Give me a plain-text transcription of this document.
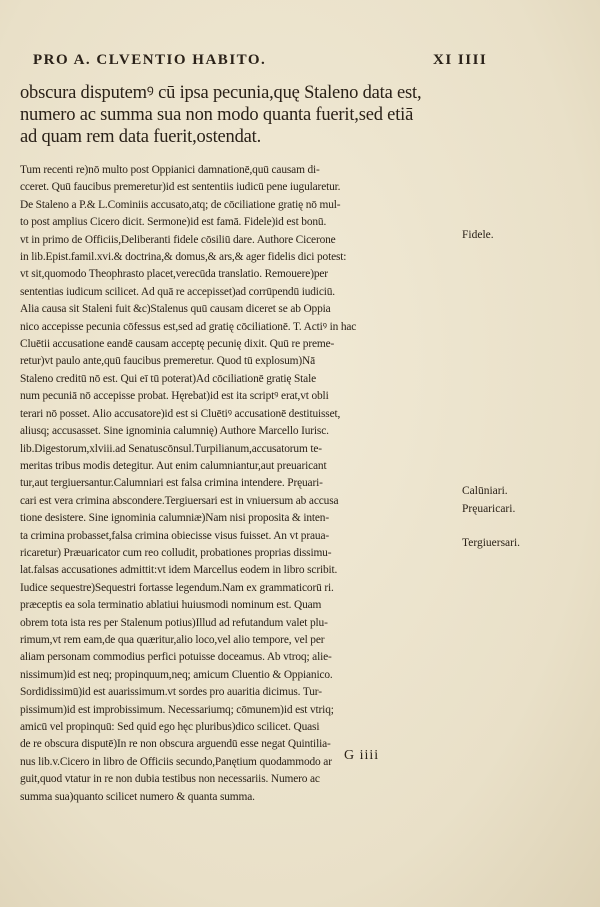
PRO A. CLVENTIO HABITO.	XI IIII
obscura disputemꝰ cū ipsa pecunia,quę Staleno data est,
numero ac summa sua non modo quanta fuerit,sed etiā
ad quam rem data fuerit,ostendat.
Tum recenti re)nō multo post Oppianici damnationē,quū causam di-
cceret. Quū faucibus premeretur)id est sententiis iudicū pene iugularetur.
De Staleno a P.& L.Cominiis accusato,atq; de cōciliatione gratię nō mul-
to post amplius Cicero dicit. Sermone)id est famā. Fidele)id est bonū.
vt in primo de Officiis,Deliberanti fidele cōsiliū dare. Authore Cicerone
in lib.Epist.famil.xvi.& doctrina,& domus,& ars,& ager fidelis dici potest:
vt sit,quomodo Theophrasto placet,verecūda translatio. Remouere)per
sententias iudicum scilicet. Ad quā re accepisset)ad corrūpendū iudiciū.
Alia causa sit Staleni fuit &c)Stalenus quū causam diceret se ab Oppia
nico accepisse pecunia cōfessus est,sed ad gratię cōciliationē. T. Actiꝰ in hac
Cluētii accusatione eandē causam acceptę pecunię dixit. Quū re preme-
retur)vt paulo ante,quū faucibus premeretur. Quod tū explosum)Nā
Staleno creditū nō est. Qui eī tū poterat)Ad cōciliationē gratię Stale
num pecuniā nō accepisse probat. Hęrebat)id est ita scriptꝰ erat,vt obli
terari nō posset. Alio accusatore)id est si Cluētiꝰ accusationē destituisset,
aliusq; accusasset. Sine ignominia calumnię) Authore Marcello Iurisc.
lib.Digestorum,xlviii.ad Senatuscōnsul.Turpilianum,accusatorum te-
meritas tribus modis detegitur. Aut enim calumniantur,aut preuaricant
tur,aut tergiuersantur.Calumniari est falsa crimina intendere. Pręuari-
cari est vera crimina abscondere.Tergiuersari est in vniuersum ab accusa
tione desistere. Sine ignominia calumniæ)Nam nisi proposita & inten-
ta crimina probasset,falsa crimina obiecisse visus fuisset. An vt praua-
ricaretur) Præuaricator cum reo colludit, probationes proprias dissimu-
lat.falsas accusationes admittit:vt idem Marcellus eodem in libro scribit.
Iudice sequestre)Sequestri fortasse legendum.Nam ex grammaticorū ri.
præceptis ea sola terminatio ablatiui huiusmodi nominum est. Quam
obrem tota ista res per Stalenum potius)Illud ad refutandum valet plu-
rimum,vt rem eam,de qua quæritur,alio loco,vel alio tempore, vel per
aliam personam commodius perfici potuisse doceamus. Ab vtroq; alie-
nissimum)id est neq; propinquum,neq; amicum Cluentio & Oppianico.
Sordidissimū)id est auarissimum.vt sordes pro auaritia dicimus. Tur-
pissimum)id est improbissimum. Necessariumq; cōmunem)id est vtriq;
amicū vel propinquū: Sed quid ego hęc pluribus)dico scilicet. Quasi
de re obscura disputē)In re non obscura arguendū esse negat Quintilia-
nus lib.v.Cicero in libro de Officiis secundo,Panętium quodammodo ar
guit,quod vtatur in re non dubia testibus non necessariis. Numero ac
summa sua)quanto scilicet numero & quanta summa.
Fidele.
Calūniari.
Pręuaricari.
Tergiuersari.
G iiii
